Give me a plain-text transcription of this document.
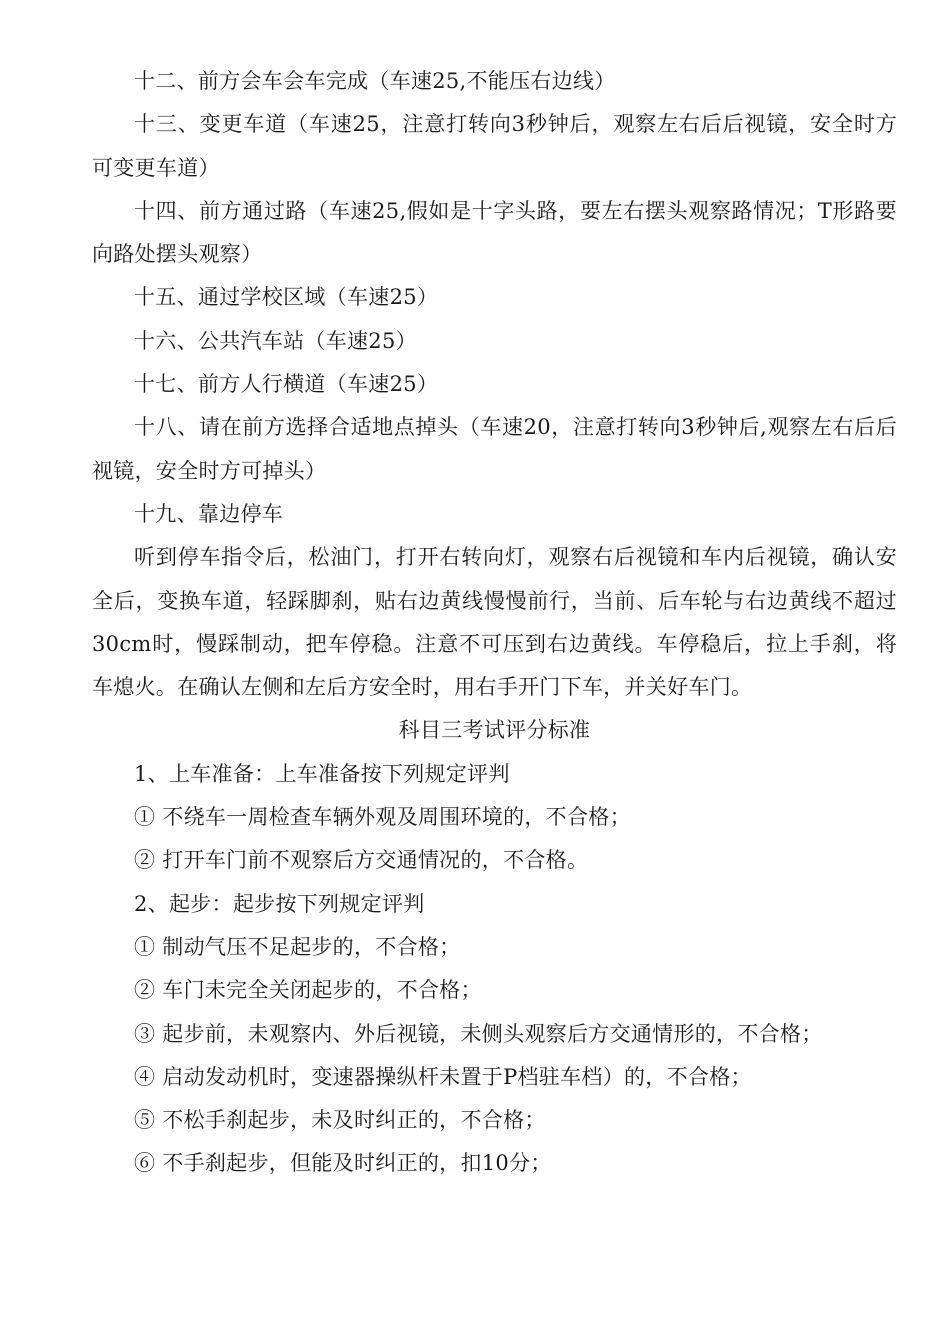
十二、前方会车会车完成（车速25,不能压右边线）

十三、变更车道（车速25，注意打转向3秒钟后，观察左右后后视镜，安全时方可变更车道）

十四、前方通过路（车速25,假如是十字头路，要左右摆头观察路情况；T形路要向路处摆头观察）

十五、通过学校区域（车速25）

十六、公共汽车站（车速25）

十七、前方人行横道（车速25）

十八、请在前方选择合适地点掉头（车速20，注意打转向3秒钟后,观察左右后后视镜，安全时方可掉头）

十九、靠边停车

听到停车指令后，松油门，打开右转向灯，观察右后视镜和车内后视镜，确认安全后，变换车道，轻踩脚刹，贴右边黄线慢慢前行，当前、后车轮与右边黄线不超过30cm时，慢踩制动，把车停稳。注意不可压到右边黄线。车停稳后，拉上手刹，将车熄火。在确认左侧和左后方安全时，用右手开门下车，并关好车门。

科目三考试评分标准

1、上车准备：上车准备按下列规定评判

① 不绕车一周检查车辆外观及周围环境的，不合格；

② 打开车门前不观察后方交通情况的，不合格。

2、起步：起步按下列规定评判

① 制动气压不足起步的，不合格；

② 车门未完全关闭起步的，不合格；

③ 起步前，未观察内、外后视镜，未侧头观察后方交通情形的，不合格；

④ 启动发动机时，变速器操纵杆未置于P档驻车档）的，不合格；

⑤ 不松手刹起步，未及时纠正的，不合格；

⑥ 不手刹起步，但能及时纠正的，扣10分；
